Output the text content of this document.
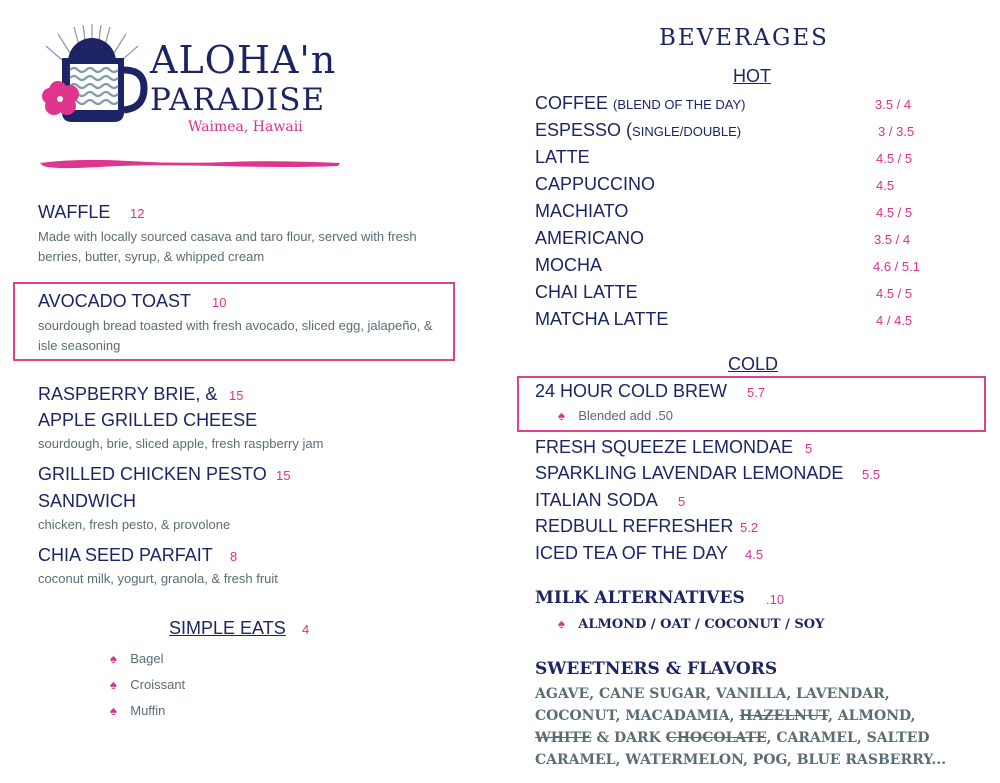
ALOHA'n
PARADISE
Waimea, Hawaii
WAFFLE 12
Made with locally sourced casava and taro flour, served with fresh berries, butter, syrup, & whipped cream
AVOCADO TOAST 10
sourdough bread toasted with fresh avocado, sliced egg, jalapeño, & isle seasoning
RASPBERRY BRIE, & 15
APPLE GRILLED CHEESE
sourdough, brie, sliced apple, fresh raspberry jam
GRILLED CHICKEN PESTO 15
SANDWICH
chicken, fresh pesto, & provolone
CHIA SEED PARFAIT 8
coconut milk, yogurt, granola, & fresh fruit
SIMPLE EATS 4
♠ Bagel
♠ Croissant
♠ Muffin
BEVERAGES
HOT
COFFEE (BLEND OF THE DAY)	3.5 / 4
ESPESSO (SINGLE/DOUBLE)	3 / 3.5
LATTE	4.5 / 5
CAPPUCCINO	4.5
MACHIATO	4.5 / 5
AMERICANO	3.5 / 4
MOCHA	4.6 / 5.1
CHAI LATTE	4.5 / 5
MATCHA LATTE	4 / 4.5
COLD
24 HOUR COLD BREW 5.7
♠ Blended add .50
FRESH SQUEEZE LEMONDAE 5
SPARKLING LAVENDAR LEMONADE 5.5
ITALIAN SODA 5
REDBULL REFRESHER 5.2
ICED TEA OF THE DAY 4.5
MILK ALTERNATIVES .10
♠ ALMOND / OAT / COCONUT / SOY
SWEETNERS & FLAVORS
AGAVE, CANE SUGAR, VANILLA, LAVENDAR,
COCONUT, MACADAMIA, HAZELNUT, ALMOND,
WHITE & DARK CHOCOLATE, CARAMEL, SALTED
CARAMEL, WATERMELON, POG, BLUE RASBERRY...
